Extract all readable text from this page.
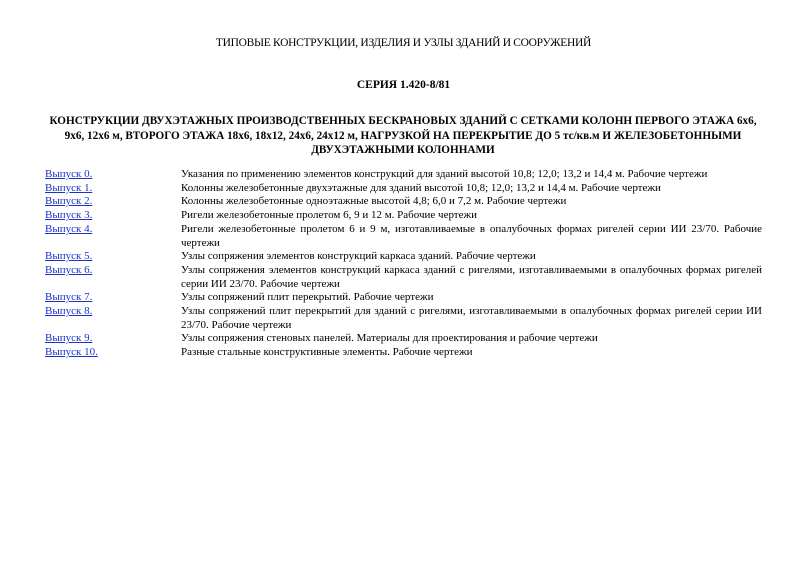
ТИПОВЫЕ КОНСТРУКЦИИ, ИЗДЕЛИЯ И УЗЛЫ ЗДАНИЙ И СООРУЖЕНИЙ
СЕРИЯ 1.420-8/81
КОНСТРУКЦИИ ДВУХЭТАЖНЫХ ПРОИЗВОДСТВЕННЫХ БЕСКРАНОВЫХ ЗДАНИЙ С СЕТКАМИ КОЛОНН ПЕРВОГО ЭТАЖА 6х6, 9х6, 12х6 м, ВТОРОГО ЭТАЖА 18х6, 18х12, 24х6, 24х12 м, НАГРУЗКОЙ НА ПЕРЕКРЫТИЕ ДО 5 тс/кв.м И ЖЕЛЕЗОБЕТОННЫМИ ДВУХЭТАЖНЫМИ КОЛОННАМИ
Выпуск 0.	Указания по применению элементов конструкций для зданий высотой 10,8; 12,0; 13,2 и 14,4 м. Рабочие чертежи
Выпуск 1.	Колонны железобетонные двухэтажные для зданий высотой 10,8; 12,0; 13,2 и 14,4 м. Рабочие чертежи
Выпуск 2.	Колонны железобетонные одноэтажные высотой 4,8; 6,0 и 7,2 м. Рабочие чертежи
Выпуск 3.	Ригели железобетонные пролетом 6, 9 и 12 м. Рабочие чертежи
Выпуск 4.	Ригели железобетонные пролетом 6 и 9 м, изготавливаемые в опалубочных формах ригелей серии ИИ 23/70. Рабочие чертежи
Выпуск 5.	Узлы сопряжения элементов конструкций каркаса зданий. Рабочие чертежи
Выпуск 6.	Узлы сопряжения элементов конструкций каркаса зданий с ригелями, изготавливаемыми в опалубочных формах ригелей серии ИИ 23/70. Рабочие чертежи
Выпуск 7.	Узлы сопряжений плит перекрытий. Рабочие чертежи
Выпуск 8.	Узлы сопряжений плит перекрытий для зданий с ригелями, изготавливаемыми в опалубочных формах ригелей серии ИИ 23/70. Рабочие чертежи
Выпуск 9.	Узлы сопряжения стеновых панелей. Материалы для проектирования и рабочие чертежи
Выпуск 10.	Разные стальные конструктивные элементы. Рабочие чертежи
